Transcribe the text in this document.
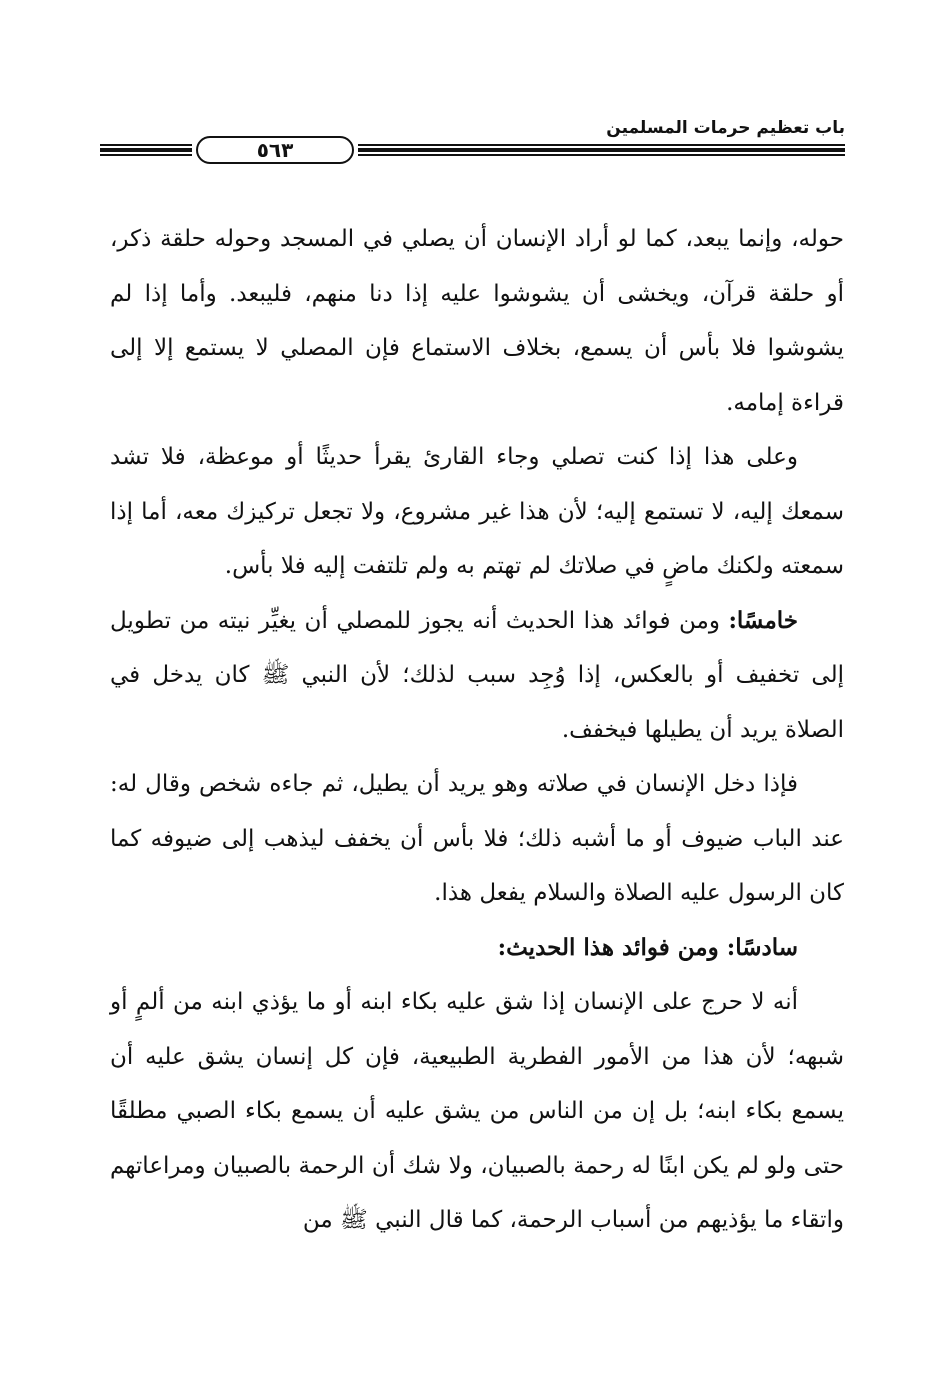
باب تعظيم حرمات المسلمين
٥٦٣

حوله، وإنما يبعد، كما لو أراد الإنسان أن يصلي في المسجد وحوله حلقة ذكر، أو حلقة قرآن، ويخشى أن يشوشوا عليه إذا دنا منهم، فليبعد. وأما إذا لم يشوشوا فلا بأس أن يسمع، بخلاف الاستماع فإن المصلي لا يستمع إلا إلى قراءة إمامه.

وعلى هذا إذا كنت تصلي وجاء القارئ يقرأ حديثًا أو موعظة، فلا تشد سمعك إليه، لا تستمع إليه؛ لأن هذا غير مشروع، ولا تجعل تركيزك معه، أما إذا سمعته ولكنك ماضٍ في صلاتك لم تهتم به ولم تلتفت إليه فلا بأس.

خامسًا: ومن فوائد هذا الحديث أنه يجوز للمصلي أن يغيِّر نيته من تطويل إلى تخفيف أو بالعكس، إذا وُجِد سبب لذلك؛ لأن النبي ﷺ كان يدخل في الصلاة يريد أن يطيلها فيخفف.

فإذا دخل الإنسان في صلاته وهو يريد أن يطيل، ثم جاءه شخص وقال له: عند الباب ضيوف أو ما أشبه ذلك؛ فلا بأس أن يخفف ليذهب إلى ضيوفه كما كان الرسول عليه الصلاة والسلام يفعل هذا.

سادسًا: ومن فوائد هذا الحديث:

أنه لا حرج على الإنسان إذا شق عليه بكاء ابنه أو ما يؤذي ابنه من ألمٍ أو شبهه؛ لأن هذا من الأمور الفطرية الطبيعية، فإن كل إنسان يشق عليه أن يسمع بكاء ابنه؛ بل إن من الناس من يشق عليه أن يسمع بكاء الصبي مطلقًا حتى ولو لم يكن ابنًا له رحمة بالصبيان، ولا شك أن الرحمة بالصبيان ومراعاتهم واتقاء ما يؤذيهم من أسباب الرحمة، كما قال النبي ﷺ من
